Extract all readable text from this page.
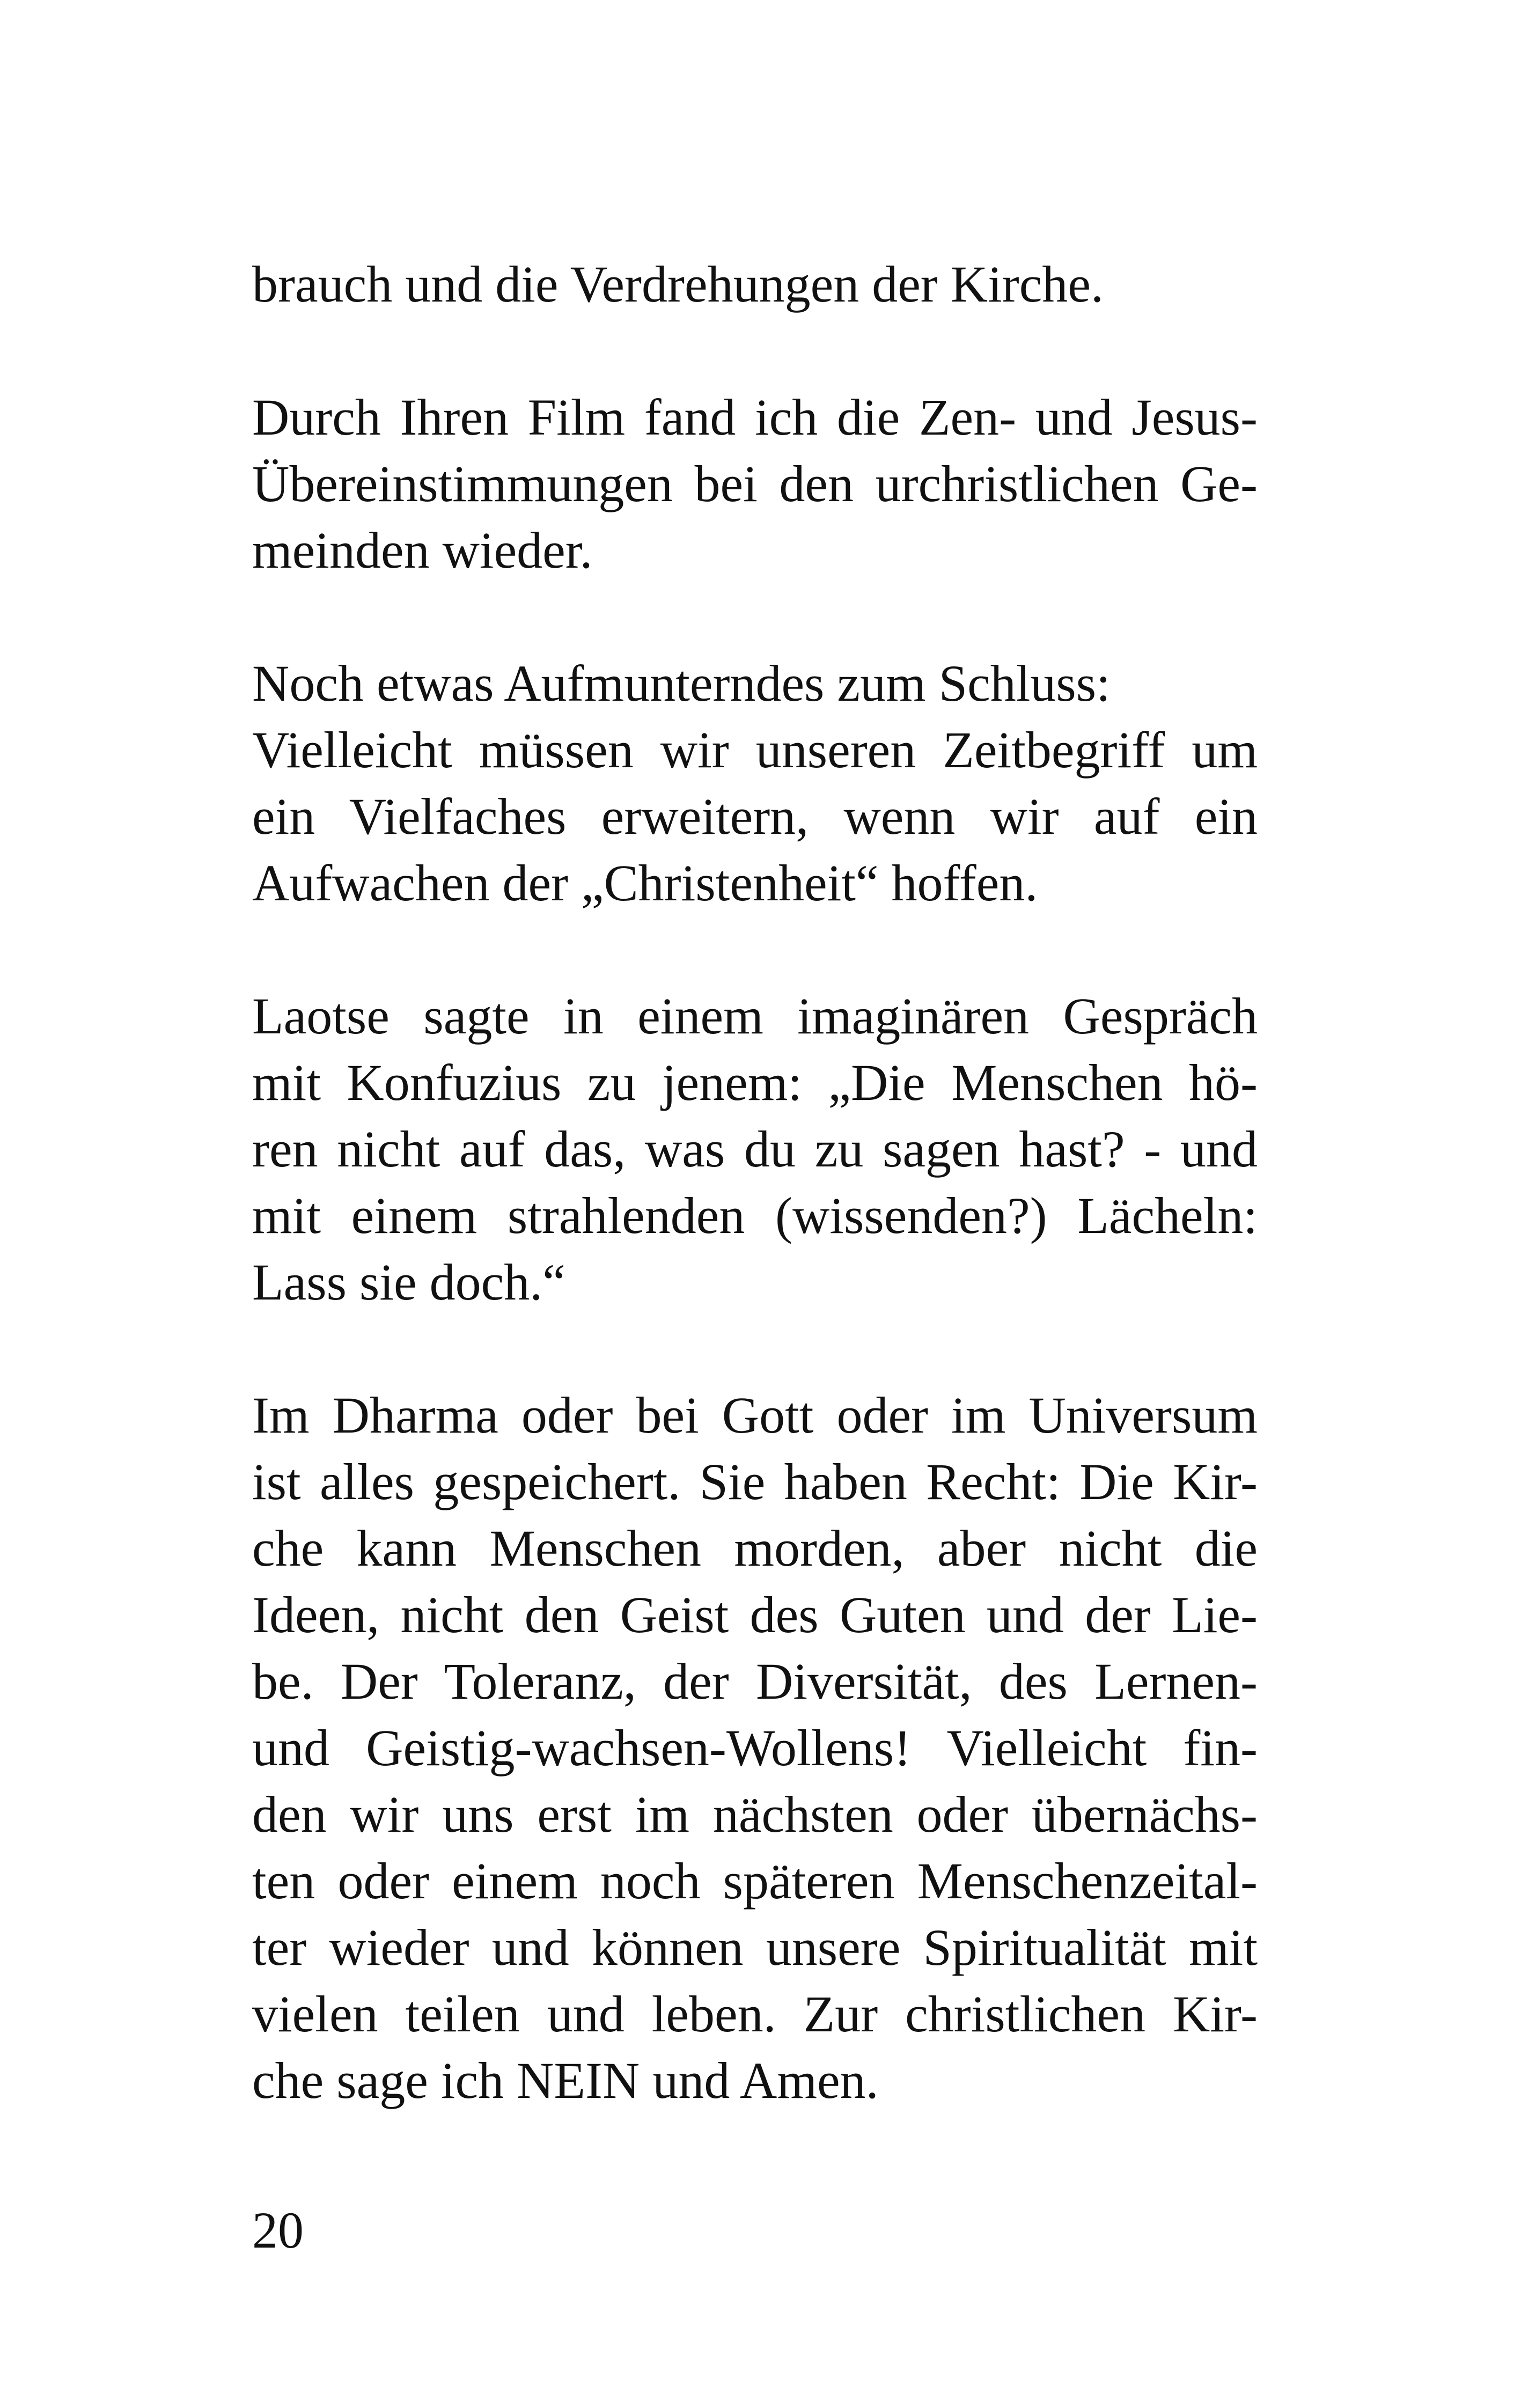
brauch und die Verdrehungen der Kirche.
Durch Ihren Film fand ich die Zen- und Jesus-
Übereinstimmungen bei den urchristlichen Ge-
meinden wieder.
Noch etwas Aufmunterndes zum Schluss:
Vielleicht müssen wir unseren Zeitbegriff um
ein Vielfaches erweitern, wenn wir auf ein
Aufwachen der „Christenheit“ hoffen.
Laotse sagte in einem imaginären Gespräch
mit Konfuzius zu jenem: „Die Menschen hö-
ren nicht auf das, was du zu sagen hast? - und
mit einem strahlenden (wissenden?) Lächeln:
Lass sie doch.“
Im Dharma oder bei Gott oder im Universum
ist alles gespeichert. Sie haben Recht: Die Kir-
che kann Menschen morden, aber nicht die
Ideen, nicht den Geist des Guten und der Lie-
be. Der Toleranz, der Diversität, des Lernen-
und Geistig-wachsen-Wollens! Vielleicht fin-
den wir uns erst im nächsten oder übernächs-
ten oder einem noch späteren Menschenzeital-
ter wieder und können unsere Spiritualität mit
vielen teilen und leben. Zur christlichen Kir-
che sage ich NEIN und Amen.
20
